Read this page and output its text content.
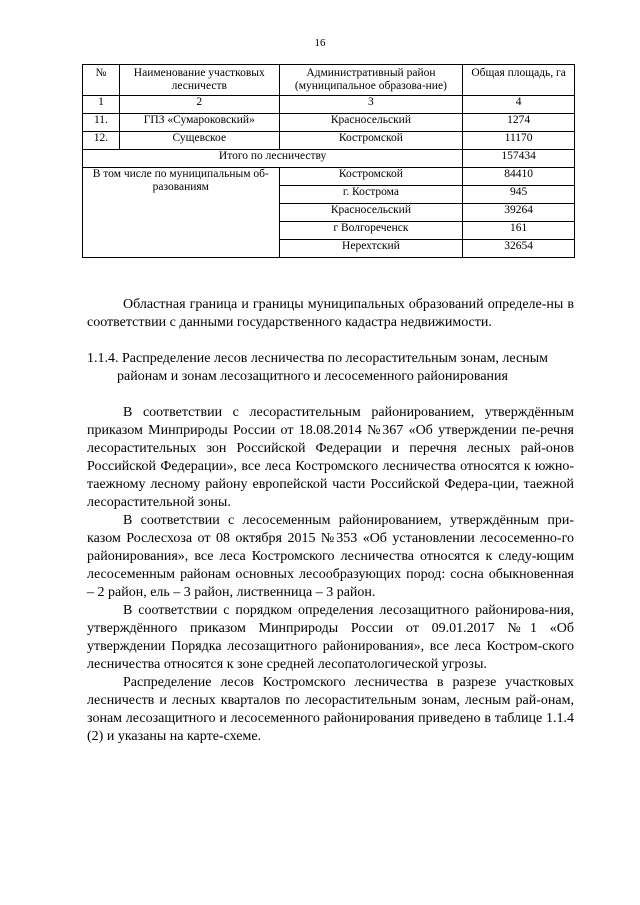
16
№	Наименование участковых лесничеств	Административный район (муниципальное образова-ние)	Общая площадь, га
1	2	3	4
11.	ГПЗ «Сумароковский»	Красносельский	1274
12.	Сущевское	Костромской	11170
Итого по лесничеству			157434
В том числе по муниципальным об-разованиям		Костромской	84410
		г. Кострома	945
		Красносельский	39264
		г Волгореченск	161
		Нерехтский	32654

Областная граница и границы муниципальных образований определе-ны в соответствии с данными государственного кадастра недвижимости.

1.1.4. Распределение лесов лесничества по лесорастительным зонам, лесным
районам и зонам лесозащитного и лесосеменного районирования

В соответствии с лесорастительным районированием, утверждённым приказом Минприроды России от 18.08.2014 №367 «Об утверждении пе-речня лесорастительных зон Российской Федерации и перечня лесных рай-онов Российской Федерации», все леса Костромского лесничества относятся к южно-таежному лесному району европейской части Российской Федера-ции, таежной лесорастительной зоны.

В соответствии с лесосеменным районированием, утверждённым при-казом Рослесхоза от 08 октября 2015 №353 «Об установлении лесосеменно-го районирования», все леса Костромского лесничества относятся к следу-ющим лесосеменным районам основных лесообразующих пород: сосна обыкновенная – 2 район, ель – 3 район, лиственница – 3 район.

В соответствии с порядком определения лесозащитного районирова-ния, утверждённого приказом Минприроды России от 09.01.2017 №1 «Об утверждении Порядка лесозащитного районирования», все леса Костром-ского лесничества относятся к зоне средней лесопатологической угрозы.

Распределение лесов Костромского лесничества в разрезе участковых лесничеств и лесных кварталов по лесорастительным зонам, лесным рай-онам, зонам лесозащитного и лесосеменного районирования приведено в таблице 1.1.4 (2) и указаны на карте-схеме.
